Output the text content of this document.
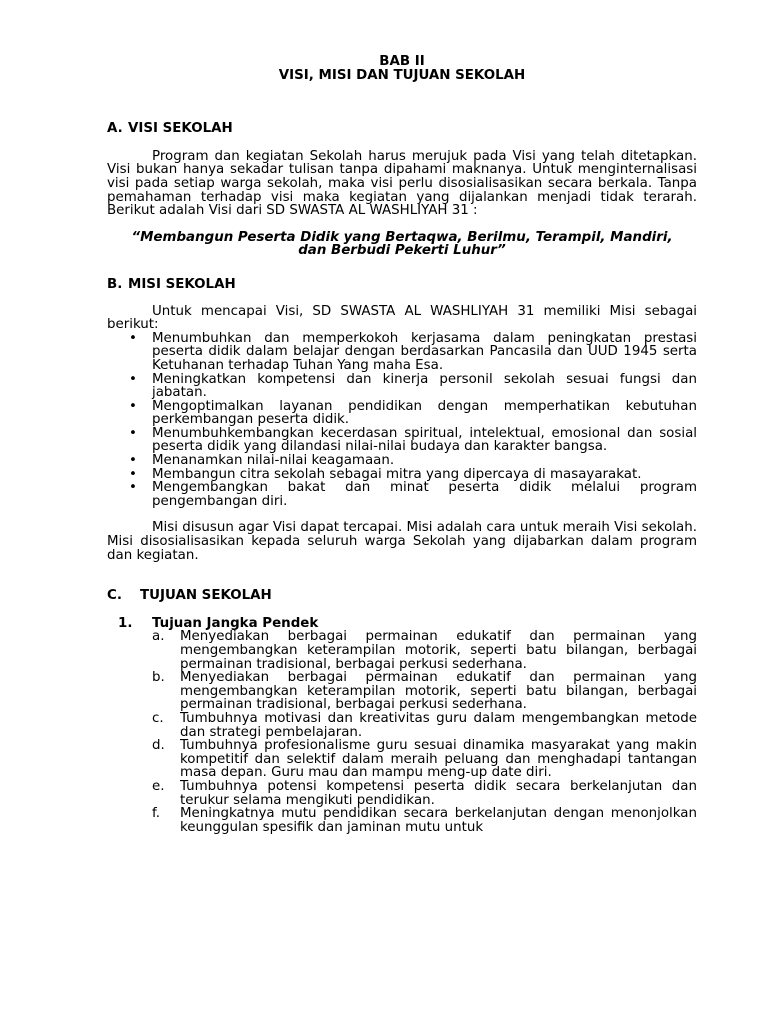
BAB II
VISI, MISI DAN TUJUAN SEKOLAH
A. VISI SEKOLAH

Program dan kegiatan Sekolah harus merujuk pada Visi yang telah ditetapkan. Visi bukan hanya sekadar tulisan tanpa dipahami maknanya. Untuk menginternalisasi visi pada setiap warga sekolah, maka visi perlu disosialisasikan secara berkala. Tanpa pemahaman terhadap visi maka kegiatan yang dijalankan menjadi tidak terarah. Berikut adalah Visi dari SD SWASTA AL WASHLIYAH 31 :

“Membangun Peserta Didik yang Bertaqwa, Berilmu, Terampil, Mandiri, dan Berbudi Pekerti Luhur”

B. MISI SEKOLAH

Untuk mencapai Visi, SD SWASTA AL WASHLIYAH 31 memiliki Misi sebagai berikut:

• Menumbuhkan dan memperkokoh kerjasama dalam peningkatan prestasi peserta didik dalam belajar dengan berdasarkan Pancasila dan UUD 1945 serta Ketuhanan terhadap Tuhan Yang maha Esa.
• Meningkatkan kompetensi dan kinerja personil sekolah sesuai fungsi dan jabatan.
• Mengoptimalkan layanan pendidikan dengan memperhatikan kebutuhan perkembangan peserta didik.
• Menumbuhkembangkan kecerdasan spiritual, intelektual, emosional dan sosial peserta didik yang dilandasi nilai-nilai budaya dan karakter bangsa.
• Menanamkan nilai-nilai keagamaan.
• Membangun citra sekolah sebagai mitra yang dipercaya di masayarakat.
• Mengembangkan bakat dan minat peserta didik melalui program pengembangan diri.

Misi disusun agar Visi dapat tercapai. Misi adalah cara untuk meraih Visi sekolah. Misi disosialisasikan kepada seluruh warga Sekolah yang dijabarkan dalam program dan kegiatan.

C. TUJUAN SEKOLAH
1. Tujuan Jangka Pendek
a. Menyediakan berbagai permainan edukatif dan permainan yang mengembangkan keterampilan motorik, seperti batu bilangan, berbagai permainan tradisional, berbagai perkusi sederhana.
b. Menyediakan berbagai permainan edukatif dan permainan yang mengembangkan keterampilan motorik, seperti batu bilangan, berbagai permainan tradisional, berbagai perkusi sederhana.
c. Tumbuhnya motivasi dan kreativitas guru dalam mengembangkan metode dan strategi pembelajaran.
d. Tumbuhnya profesionalisme guru sesuai dinamika masyarakat yang makin kompetitif dan selektif dalam meraih peluang dan menghadapi tantangan masa depan. Guru mau dan mampu meng-up date diri.
e. Tumbuhnya potensi kompetensi peserta didik secara berkelanjutan dan terukur selama mengikuti pendidikan.
f. Meningkatnya mutu pendidikan secara berkelanjutan dengan menonjolkan keunggulan spesifik dan jaminan mutu untuk
